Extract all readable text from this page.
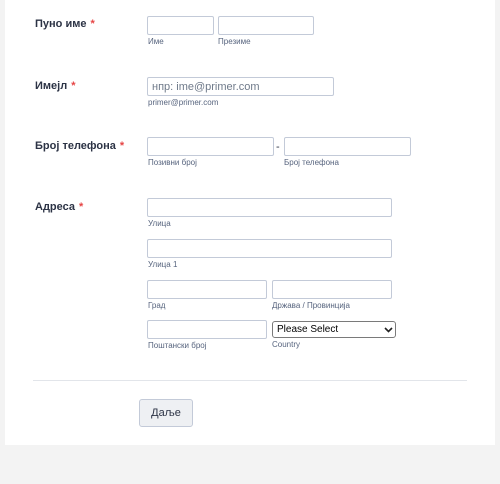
Пуно име *
Име	Презиме
Имејл *
нпр: ime@primer.com
primer@primer.com
Број телефона *	-
Позивни број	Број телефона
Адреса *
Улица
Улица 1
Град	Држава / Провинција
Please Select
Поштански број	Country
Даље
